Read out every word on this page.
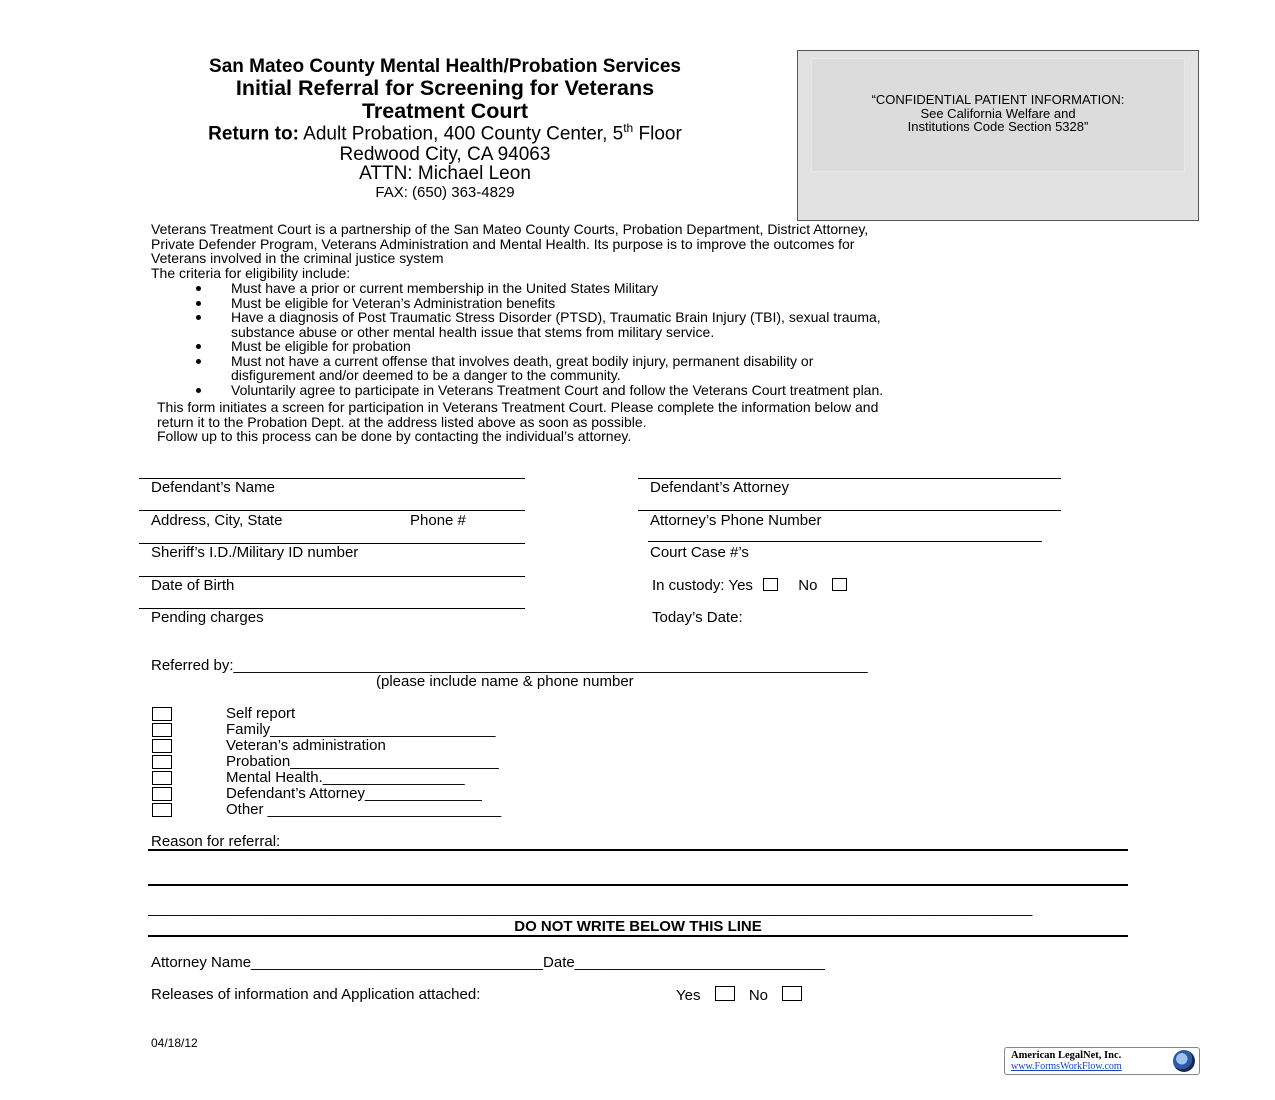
San Mateo County Mental Health/Probation Services
Initial Referral for Screening for Veterans
Treatment Court
Return to: Adult Probation, 400 County Center, 5th Floor
Redwood City, CA 94063
ATTN: Michael Leon
FAX: (650) 363-4829
“CONFIDENTIAL PATIENT INFORMATION:
See California Welfare and
Institutions Code Section 5328”
Veterans Treatment Court is a partnership of the San Mateo County Courts, Probation Department, District Attorney,
Private Defender Program, Veterans Administration and Mental Health. Its purpose is to improve the outcomes for
Veterans involved in the criminal justice system
The criteria for eligibility include:
Must have a prior or current membership in the United States Military
Must be eligible for Veteran’s Administration benefits
Have a diagnosis of Post Traumatic Stress Disorder (PTSD), Traumatic Brain Injury (TBI), sexual trauma,
substance abuse or other mental health issue that stems from military service.
Must be eligible for probation
Must not have a current offense that involves death, great bodily injury, permanent disability or
disfigurement and/or deemed to be a danger to the community.
Voluntarily agree to participate in Veterans Treatment Court and follow the Veterans Court treatment plan.
This form initiates a screen for participation in Veterans Treatment Court. Please complete the information below and
return it to the Probation Dept. at the address listed above as soon as possible.
Follow up to this process can be done by contacting the individual’s attorney.
Defendant’s Name
Address, City, State	Phone #
Sheriff’s I.D./Military ID number
Date of Birth
Pending charges
Defendant’s Attorney
Attorney’s Phone Number
Court Case #’s
In custody: Yes	No
Today’s Date:
Referred by:____________________________________________________________________________
(please include name & phone number
Self report
Family___________________________
Veteran’s administration
Probation_________________________
Mental Health._________________
Defendant’s Attorney______________
Other ____________________________
Reason for referral:
__________________________________________________________________________________________________________
DO NOT WRITE BELOW THIS LINE
Attorney Name___________________________________Date______________________________
Releases of information and Application attached:	Yes	No
04/18/12
American LegalNet, Inc.
www.FormsWorkFlow.com
